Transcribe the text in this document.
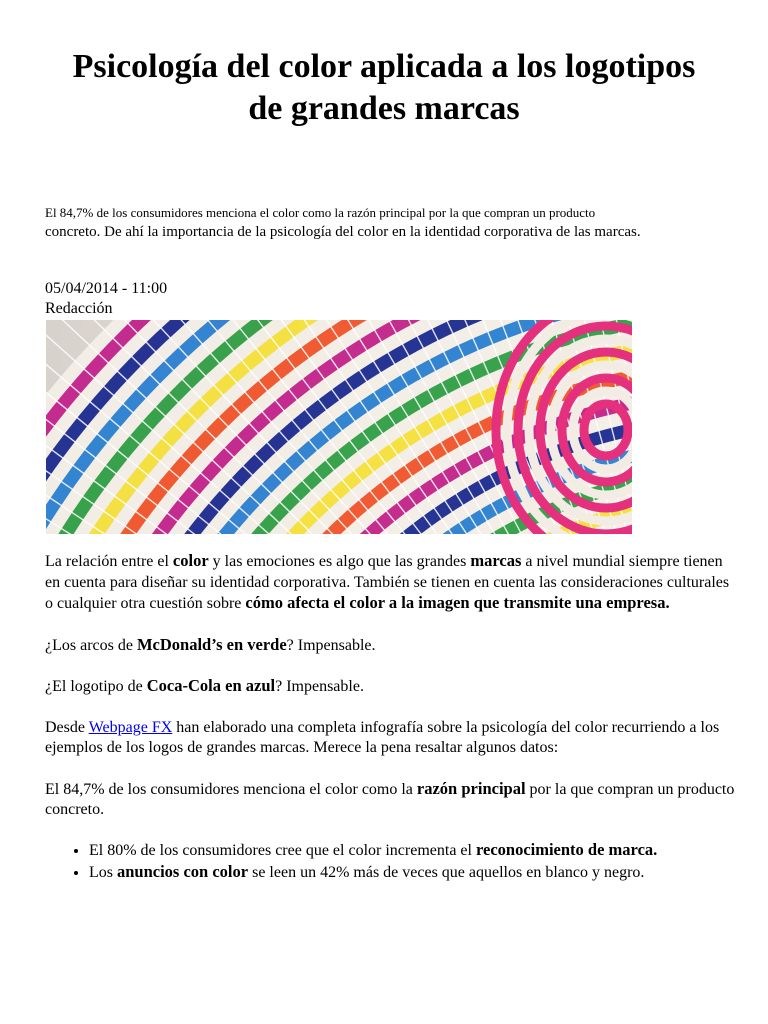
Psicología del color aplicada a los logotipos
de grandes marcas
El 84,7% de los consumidores menciona el color como la razón principal por la que compran un producto
concreto. De ahí la importancia de la psicología del color en la identidad corporativa de las marcas.
05/04/2014 - 11:00
Redacción

La relación entre el color y las emociones es algo que las grandes marcas a nivel mundial siempre tienen en cuenta para diseñar su identidad corporativa. También se tienen en cuenta las consideraciones culturales o cualquier otra cuestión sobre cómo afecta el color a la imagen que transmite una empresa.

¿Los arcos de McDonald’s en verde? Impensable.

¿El logotipo de Coca-Cola en azul? Impensable.

Desde Webpage FX han elaborado una completa infografía sobre la psicología del color recurriendo a los ejemplos de los logos de grandes marcas. Merece la pena resaltar algunos datos:

El 84,7% de los consumidores menciona el color como la razón principal por la que compran un producto concreto.

• El 80% de los consumidores cree que el color incrementa el reconocimiento de marca.
• Los anuncios con color se leen un 42% más de veces que aquellos en blanco y negro.
